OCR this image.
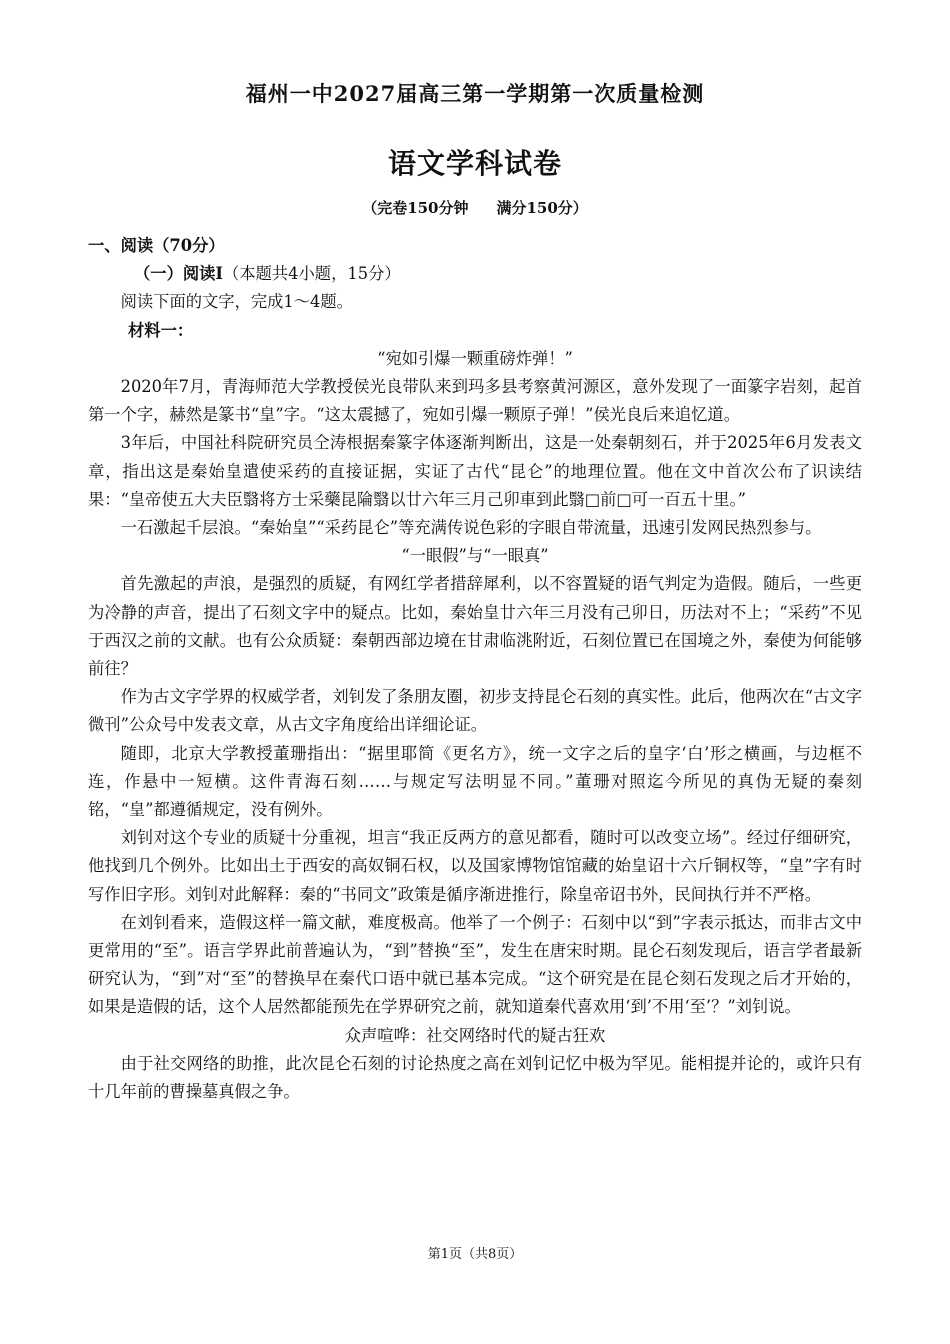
福州一中2027届高三第一学期第一次质量检测
语文学科试卷
（完卷150分钟 满分150分）

一、阅读（70分）

（一）阅读I（本题共4小题，15分）

阅读下面的文字，完成1～4题。

材料一：

“宛如引爆一颗重磅炸弹！”

2020年7月，青海师范大学教授侯光良带队来到玛多县考察黄河源区，意外发现了一面篆字岩刻，起首第一个字，赫然是篆书“皇”字。“这太震撼了，宛如引爆一颗原子弹！”侯光良后来追忆道。

3年后，中国社科院研究员仝涛根据秦篆字体逐渐判断出，这是一处秦朝刻石，并于2025年6月发表文章，指出这是秦始皇遣使采药的直接证据，实证了古代“昆仑”的地理位置。他在文中首次公布了识读结果：“皇帝使五大夫臣翳将方士采藥昆陯翳以廿六年三月己卯車到此翳□前□可一百五十里。”

一石激起千层浪。“秦始皇”“采药昆仑”等充满传说色彩的字眼自带流量，迅速引发网民热烈参与。

“一眼假”与“一眼真”

首先激起的声浪，是强烈的质疑，有网红学者措辞犀利，以不容置疑的语气判定为造假。随后，一些更为冷静的声音，提出了石刻文字中的疑点。比如，秦始皇廿六年三月没有己卯日，历法对不上；“采药”不见于西汉之前的文献。也有公众质疑：秦朝西部边境在甘肃临洮附近，石刻位置已在国境之外，秦使为何能够前往？

作为古文字学界的权威学者，刘钊发了条朋友圈，初步支持昆仑石刻的真实性。此后，他两次在“古文字微刊”公众号中发表文章，从古文字角度给出详细论证。

随即，北京大学教授董珊指出：“据里耶简《更名方》，统一文字之后的皇字‘白’形之横画，与边框不连，作悬中一短横。这件青海石刻……与规定写法明显不同。”董珊对照迄今所见的真伪无疑的秦刻铭，“皇”都遵循规定，没有例外。

刘钊对这个专业的质疑十分重视，坦言“我正反两方的意见都看，随时可以改变立场”。经过仔细研究，他找到几个例外。比如出土于西安的高奴铜石权，以及国家博物馆馆藏的始皇诏十六斤铜权等，“皇”字有时写作旧字形。刘钊对此解释：秦的“书同文”政策是循序渐进推行，除皇帝诏书外，民间执行并不严格。

在刘钊看来，造假这样一篇文献，难度极高。他举了一个例子：石刻中以“到”字表示抵达，而非古文中更常用的“至”。语言学界此前普遍认为，“到”替换“至”，发生在唐宋时期。昆仑石刻发现后，语言学者最新研究认为，“到”对“至”的替换早在秦代口语中就已基本完成。“这个研究是在昆仑刻石发现之后才开始的，如果是造假的话，这个人居然都能预先在学界研究之前，就知道秦代喜欢用‘到’不用‘至’？”刘钊说。

众声喧哗：社交网络时代的疑古狂欢

由于社交网络的助推，此次昆仑石刻的讨论热度之高在刘钊记忆中极为罕见。能相提并论的，或许只有十几年前的曹操墓真假之争。

第1页（共8页）
